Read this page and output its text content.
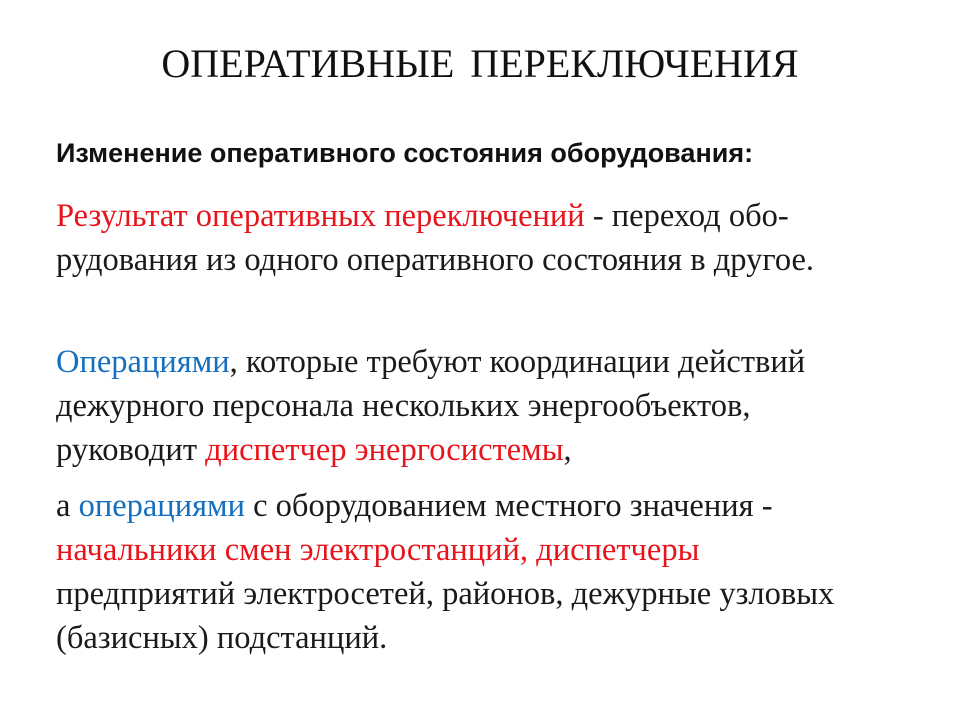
ОПЕРАТИВНЫЕ ПЕРЕКЛЮЧЕНИЯ

Изменение оперативного состояния оборудования:

Результат оперативных переключений - переход обо-
рудования из одного оперативного состояния в другое.

Операциями, которые требуют координации действий
дежурного персонала нескольких энергообъектов,
руководит диспетчер энергосистемы,

а операциями с оборудованием местного значения -
начальники смен электростанций, диспетчеры
предприятий электросетей, районов, дежурные узловых
(базисных) подстанций.
